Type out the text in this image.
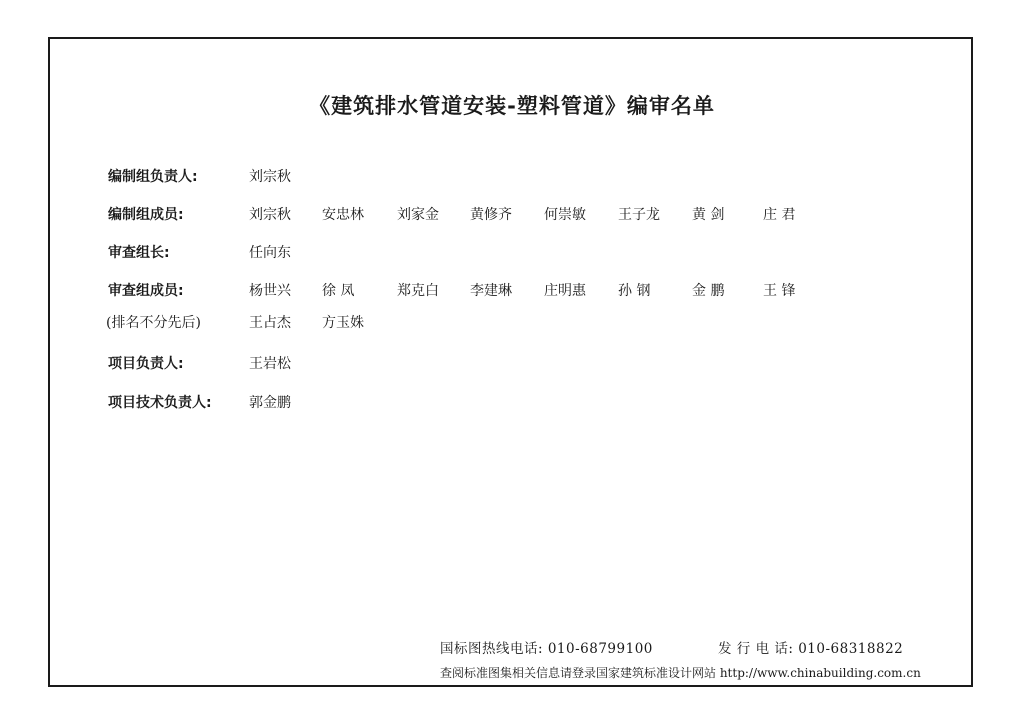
《建筑排水管道安装-塑料管道》编审名单
编制组负责人:	刘宗秋
编制组成员:	刘宗秋 安忠林 刘家金 黄修齐 何崇敏 王子龙 黄 剑	庄 君
审查组长:	任向东
审查组成员:	杨世兴 徐 凤	郑克白 李建琳 庄明惠 孙 钢	金 鹏	王 锋
(排名不分先后)	王占杰 方玉姝
项目负责人:	王岩松
项目技术负责人:	郭金鹏
国标图热线电话: 010-68799100	发 行 电 话: 010-68318822
查阅标准图集相关信息请登录国家建筑标准设计网站 http://www.chinabuilding.com.cn
